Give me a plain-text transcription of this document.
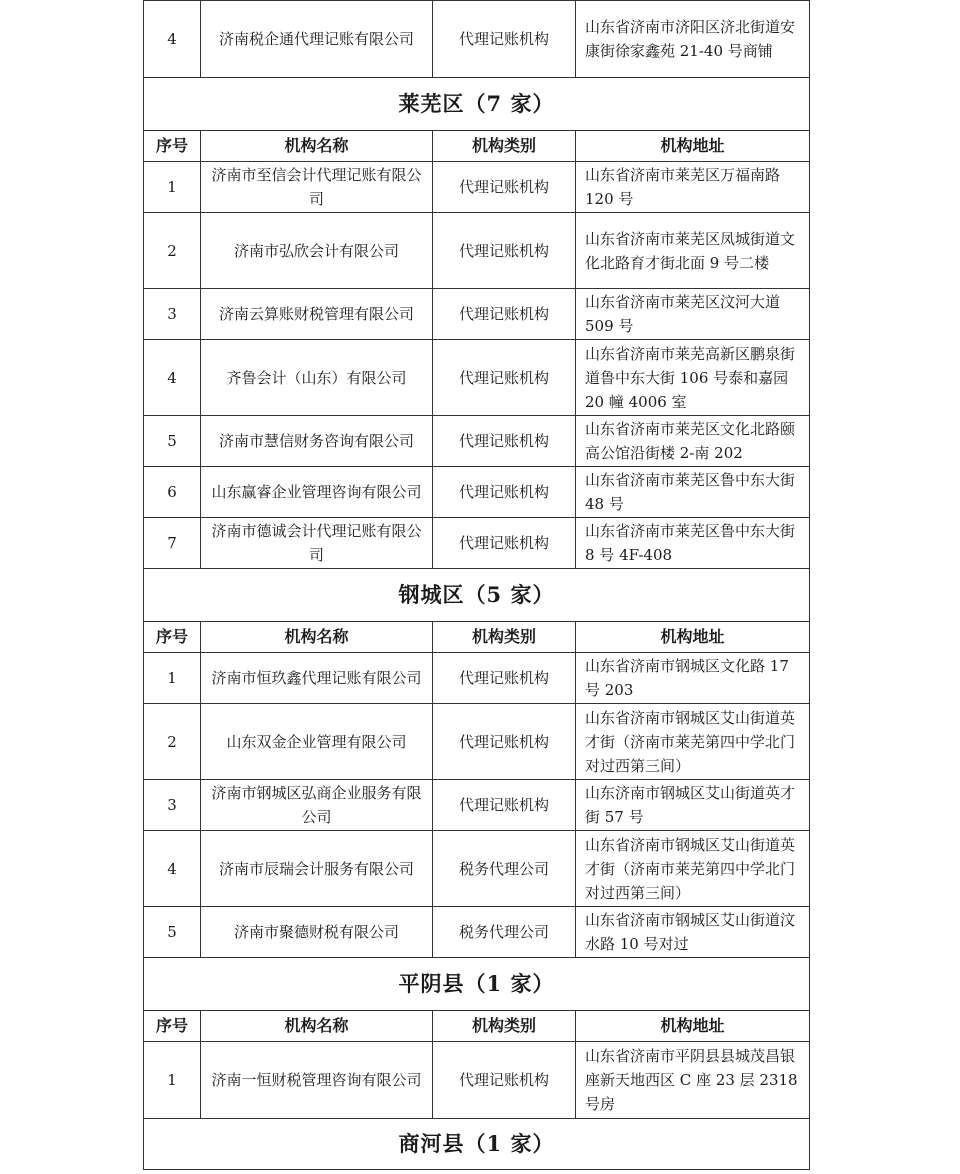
4	济南税企通代理记账有限公司	代理记账机构	山东省济南市济阳区济北街道安康街徐家鑫苑 21-40 号商铺
莱芜区（7 家）			
序号	机构名称	机构类别	机构地址
1	济南市至信会计代理记账有限公司	代理记账机构	山东省济南市莱芜区万福南路 120 号
2	济南市弘欣会计有限公司	代理记账机构	山东省济南市莱芜区凤城街道文化北路育才街北面 9 号二楼
3	济南云算账财税管理有限公司	代理记账机构	山东省济南市莱芜区汶河大道 509 号
4	齐鲁会计（山东）有限公司	代理记账机构	山东省济南市莱芜高新区鹏泉街道鲁中东大街 106 号泰和嘉园 20 幢 4006 室
5	济南市慧信财务咨询有限公司	代理记账机构	山东省济南市莱芜区文化北路颐高公馆沿街楼 2-南 202
6	山东赢睿企业管理咨询有限公司	代理记账机构	山东省济南市莱芜区鲁中东大街 48 号
7	济南市德诚会计代理记账有限公司	代理记账机构	山东省济南市莱芜区鲁中东大街 8 号 4F-408
钢城区（5 家）			
序号	机构名称	机构类别	机构地址
1	济南市恒玖鑫代理记账有限公司	代理记账机构	山东省济南市钢城区文化路 17 号 203
2	山东双金企业管理有限公司	代理记账机构	山东省济南市钢城区艾山街道英才街（济南市莱芜第四中学北门对过西第三间）
3	济南市钢城区弘商企业服务有限公司	代理记账机构	山东济南市钢城区艾山街道英才街 57 号
4	济南市辰瑞会计服务有限公司	税务代理公司	山东省济南市钢城区艾山街道英才街（济南市莱芜第四中学北门对过西第三间）
5	济南市聚德财税有限公司	税务代理公司	山东省济南市钢城区艾山街道汶水路 10 号对过
平阴县（1 家）			
序号	机构名称	机构类别	机构地址
1	济南一恒财税管理咨询有限公司	代理记账机构	山东省济南市平阴县县城茂昌银座新天地西区 C 座 23 层 2318 号房
商河县（1 家）			
